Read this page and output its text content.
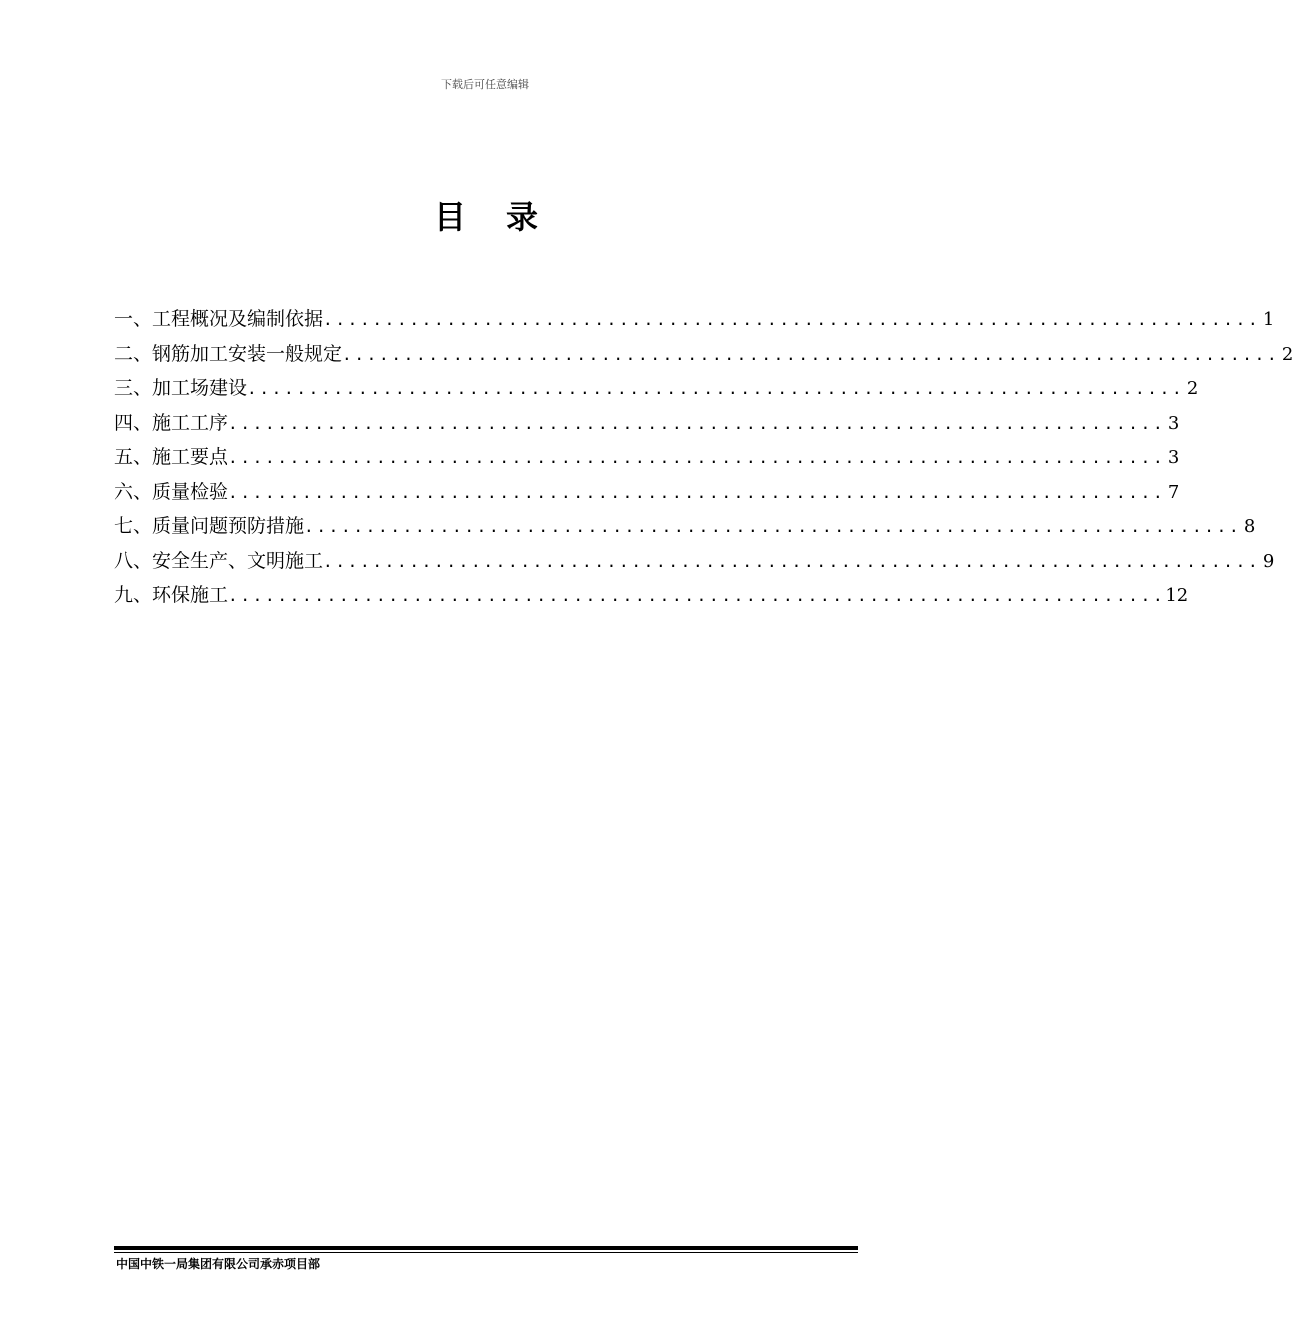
下载后可任意编辑
目录
一、工程概况及编制依据 ............................................................................ 1
二、钢筋加工安装一般规定 ............................................................................ 2
三、加工场建设 ............................................................................ 2
四、施工工序 ............................................................................ 3
五、施工要点 ............................................................................ 3
六、质量检验 ............................................................................ 7
七、质量问题预防措施 ............................................................................ 8
八、安全生产、文明施工 ............................................................................ 9
九、环保施工 ............................................................................ 12
中国中铁一局集团有限公司承赤项目部
